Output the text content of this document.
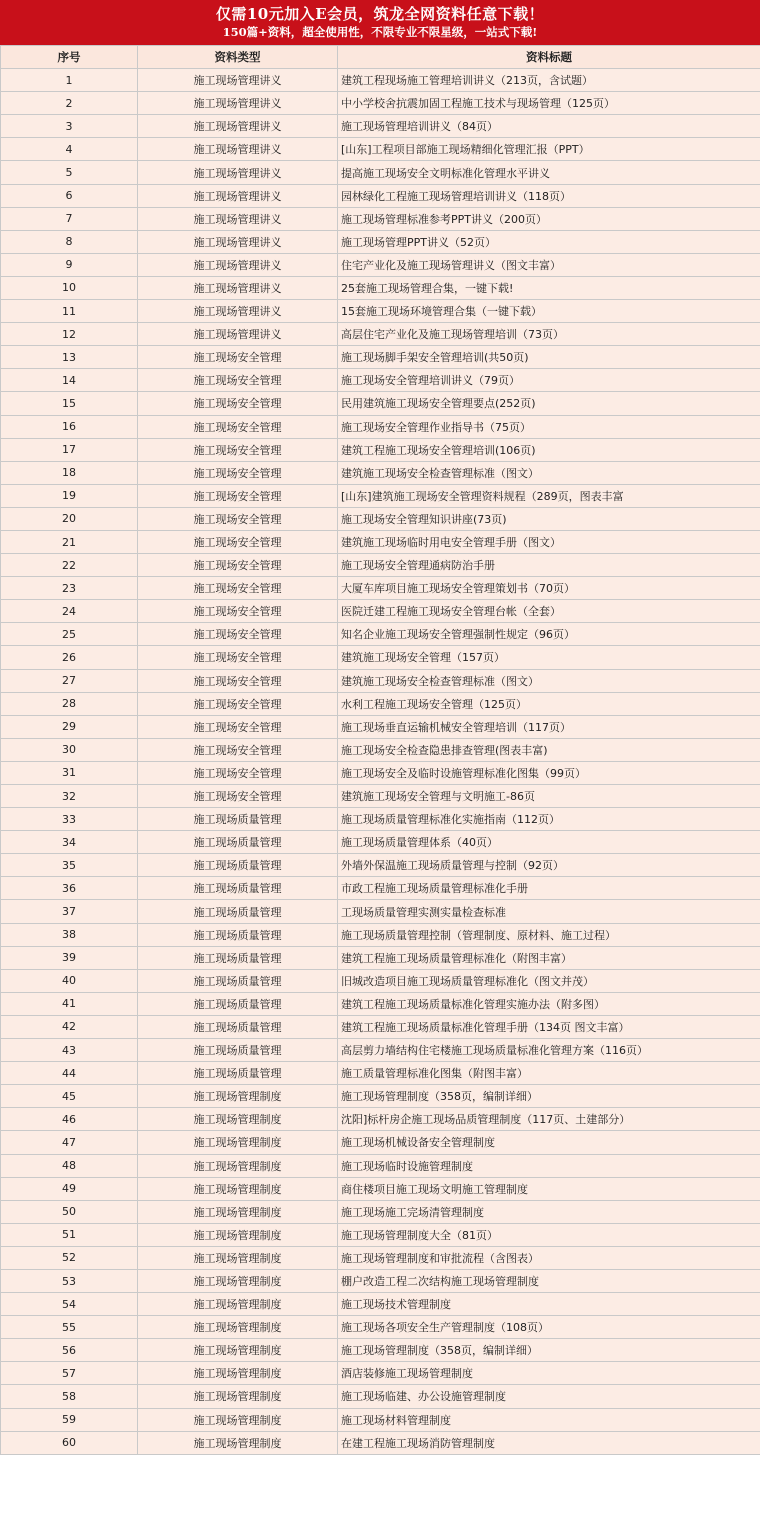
仅需10元加入E会员，筑龙全网资料任意下载！
150篇+资料，超全使用性，不限专业不限星级，一站式下载!
序号	资料类型	资料标题
1	施工现场管理讲义	建筑工程现场施工管理培训讲义（213页，含试题）
2	施工现场管理讲义	中小学校舍抗震加固工程施工技术与现场管理（125页）
3	施工现场管理讲义	施工现场管理培训讲义（84页）
4	施工现场管理讲义	[山东]工程项目部施工现场精细化管理汇报（PPT）
5	施工现场管理讲义	提高施工现场安全文明标准化管理水平讲义
6	施工现场管理讲义	园林绿化工程施工现场管理培训讲义（118页）
7	施工现场管理讲义	施工现场管理标准参考PPT讲义（200页）
8	施工现场管理讲义	施工现场管理PPT讲义（52页）
9	施工现场管理讲义	住宅产业化及施工现场管理讲义（图文丰富）
10	施工现场管理讲义	25套施工现场管理合集，一键下载!
11	施工现场管理讲义	15套施工现场环境管理合集（一键下载）
12	施工现场管理讲义	高层住宅产业化及施工现场管理培训（73页）
13	施工现场安全管理	施工现场脚手架安全管理培训(共50页)
14	施工现场安全管理	施工现场安全管理培训讲义（79页）
15	施工现场安全管理	民用建筑施工现场安全管理要点(252页)
16	施工现场安全管理	施工现场安全管理作业指导书（75页）
17	施工现场安全管理	建筑工程施工现场安全管理培训(106页)
18	施工现场安全管理	建筑施工现场安全检查管理标准（图文）
19	施工现场安全管理	[山东]建筑施工现场安全管理资料规程（289页，图表丰富
20	施工现场安全管理	施工现场安全管理知识讲座(73页)
21	施工现场安全管理	建筑施工现场临时用电安全管理手册（图文）
22	施工现场安全管理	施工现场安全管理通病防治手册
23	施工现场安全管理	大厦车库项目施工现场安全管理策划书（70页）
24	施工现场安全管理	医院迁建工程施工现场安全管理台帐（全套）
25	施工现场安全管理	知名企业施工现场安全管理强制性规定（96页）
26	施工现场安全管理	建筑施工现场安全管理（157页）
27	施工现场安全管理	建筑施工现场安全检查管理标准（图文）
28	施工现场安全管理	水利工程施工现场安全管理（125页）
29	施工现场安全管理	施工现场垂直运输机械安全管理培训（117页）
30	施工现场安全管理	施工现场安全检查隐患排查管理(图表丰富)
31	施工现场安全管理	施工现场安全及临时设施管理标准化图集（99页）
32	施工现场安全管理	建筑施工现场安全管理与文明施工-86页
33	施工现场质量管理	施工现场质量管理标准化实施指南（112页）
34	施工现场质量管理	施工现场质量管理体系（40页）
35	施工现场质量管理	外墙外保温施工现场质量管理与控制（92页）
36	施工现场质量管理	市政工程施工现场质量管理标准化手册
37	施工现场质量管理	工现场质量管理实测实量检查标准
38	施工现场质量管理	施工现场质量管理控制（管理制度、原材料、施工过程）
39	施工现场质量管理	建筑工程施工现场质量管理标准化（附图丰富）
40	施工现场质量管理	旧城改造项目施工现场质量管理标准化（图文并茂）
41	施工现场质量管理	建筑工程施工现场质量标准化管理实施办法（附多图）
42	施工现场质量管理	建筑工程施工现场质量标准化管理手册（134页 图文丰富）
43	施工现场质量管理	高层剪力墙结构住宅楼施工现场质量标准化管理方案（116页）
44	施工现场质量管理	施工质量管理标准化图集（附图丰富）
45	施工现场管理制度	施工现场管理制度（358页，编制详细）
46	施工现场管理制度	沈阳]标杆房企施工现场品质管理制度（117页、土建部分）
47	施工现场管理制度	施工现场机械设备安全管理制度
48	施工现场管理制度	施工现场临时设施管理制度
49	施工现场管理制度	商住楼项目施工现场文明施工管理制度
50	施工现场管理制度	施工现场施工完场清管理制度
51	施工现场管理制度	施工现场管理制度大全（81页）
52	施工现场管理制度	施工现场管理制度和审批流程（含图表）
53	施工现场管理制度	棚户改造工程二次结构施工现场管理制度
54	施工现场管理制度	施工现场技术管理制度
55	施工现场管理制度	施工现场各项安全生产管理制度（108页）
56	施工现场管理制度	施工现场管理制度（358页，编制详细）
57	施工现场管理制度	酒店装修施工现场管理制度
58	施工现场管理制度	施工现场临建、办公设施管理制度
59	施工现场管理制度	施工现场材料管理制度
60	施工现场管理制度	在建工程施工现场消防管理制度
